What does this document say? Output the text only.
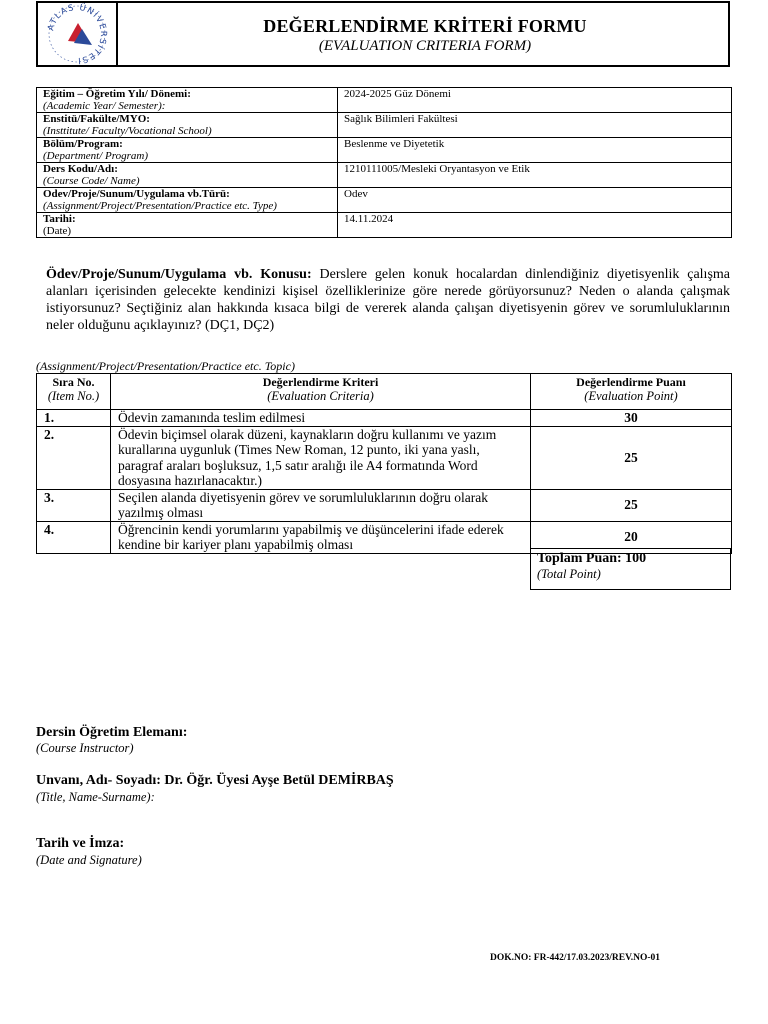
ATLAS ÜNİVERSİTESİ
DEĞERLENDİRME KRİTERİ FORMU
(EVALUATION CRITERIA FORM)
Eğitim – Öğretim Yılı/ Dönemi:
(Academic Year/ Semester):	2024-2025 Güz Dönemi

Enstitü/Fakülte/MYO:
(Insttitute/ Faculty/Vocational School)	Sağlık Bilimleri Fakültesi

Bölüm/Program:
(Department/ Program)	Beslenme ve Diyetetik

Ders Kodu/Adı:
(Course Code/ Name)	1210111005/Mesleki Oryantasyon ve Etik

Odev/Proje/Sunum/Uygulama vb.Türü:
(Assignment/Project/Presentation/Practice etc. Type)	Odev

Tarihi:
(Date)	14.11.2024
Ödev/Proje/Sunum/Uygulama vb. Konusu: Derslere gelen konuk hocalardan dinlendiğiniz diyetisyenlik çalışma alanları içerisinden gelecekte kendinizi kişisel özelliklerinize göre nerede görüyorsunuz? Neden o alanda çalışmak istiyorsunuz? Seçtiğiniz alan hakkında kısaca bilgi de vererek alanda çalışan diyetisyenin görev ve sorumluluklarının neler olduğunu açıklayınız? (DÇ1, DÇ2)
(Assignment/Project/Presentation/Practice etc. Topic)
Sıra No.
(Item No.)	Değerlendirme Kriteri
(Evaluation Criteria)	Değerlendirme Puanı
(Evaluation Point)

1.	Ödevin zamanında teslim edilmesi	30
2.	Ödevin biçimsel olarak düzeni, kaynakların doğru kullanımı ve yazım kurallarına uygunluk (Times New Roman, 12 punto, iki yana yaslı, paragraf araları boşluksuz, 1,5 satır aralığı ile A4 formatında Word dosyasına hazırlanacaktır.)	25
3.	Seçilen alanda diyetisyenin görev ve sorumluluklarının doğru olarak yazılmış olması	25
4.	Öğrencinin kendi yorumlarını yapabilmiş ve düşüncelerini ifade ederek kendine bir kariyer planı yapabilmiş olması	20
Toplam Puan: 100
(Total Point)
Dersin Öğretim Elemanı:
(Course Instructor)
Unvanı, Adı- Soyadı: Dr. Öğr. Üyesi Ayşe Betül DEMİRBAŞ
(Title, Name-Surname):
Tarih ve İmza:
(Date and Signature)
DOK.NO: FR-442/17.03.2023/REV.NO-01
